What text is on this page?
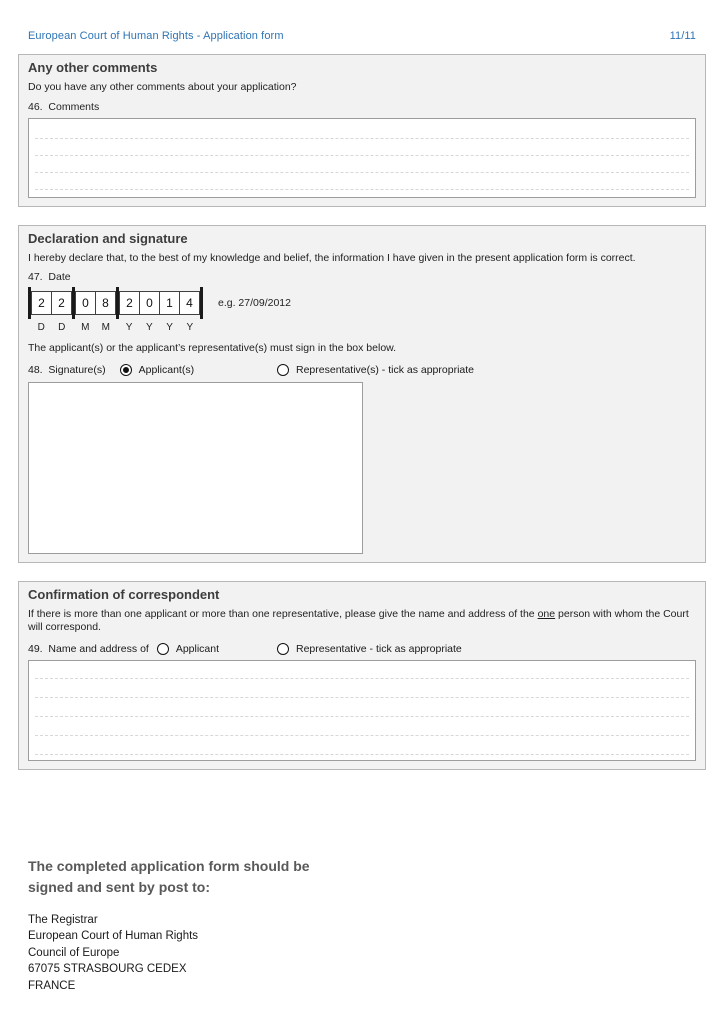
European Court of Human Rights - Application form	11/11
Any other comments
Do you have any other comments about your application?
46.  Comments
Declaration and signature
I hereby declare that, to the best of my knowledge and belief, the information I have given in the present application form is correct.
47.  Date
2	2	0	8	2	0	1	4
D D M M Y Y Y Y
e.g. 27/09/2012
The applicant(s) or the applicant’s representative(s) must sign in the box below.
48.  Signature(s)	Applicant(s)	Representative(s) - tick as appropriate
Confirmation of correspondent
If there is more than one applicant or more than one representative, please give the name and address of the one person with whom the Court will correspond.
49.  Name and address of	Applicant	Representative - tick as appropriate
The completed application form should be
signed and sent by post to:
The Registrar
European Court of Human Rights
Council of Europe
67075 STRASBOURG CEDEX
FRANCE
